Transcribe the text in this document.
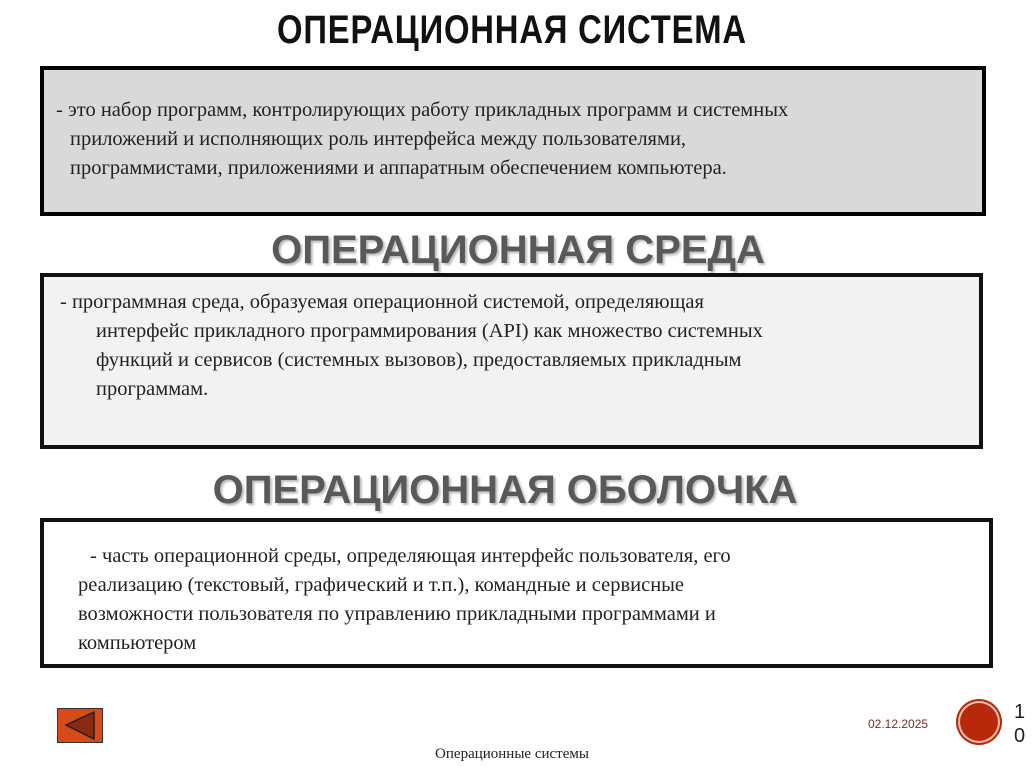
ОПЕРАЦИОННАЯ СИСТЕМА
- это набор программ, контролирующих работу прикладных программ и системных
приложений и исполняющих роль интерфейса между пользователями,
программистами, приложениями и аппаратным обеспечением компьютера.
ОПЕРАЦИОННАЯ СРЕДА
- программная среда, образуемая операционной системой, определяющая
интерфейс прикладного программирования (API) как множество системных
функций и сервисов (системных вызовов), предоставляемых прикладным
программам.
ОПЕРАЦИОННАЯ ОБОЛОЧКА
- часть операционной среды, определяющая интерфейс пользователя, его
реализацию (текстовый, графический и т.п.), командные и сервисные
возможности пользователя по управлению прикладными программами и
компьютером
02.12.2025
1
0
Операционные системы
